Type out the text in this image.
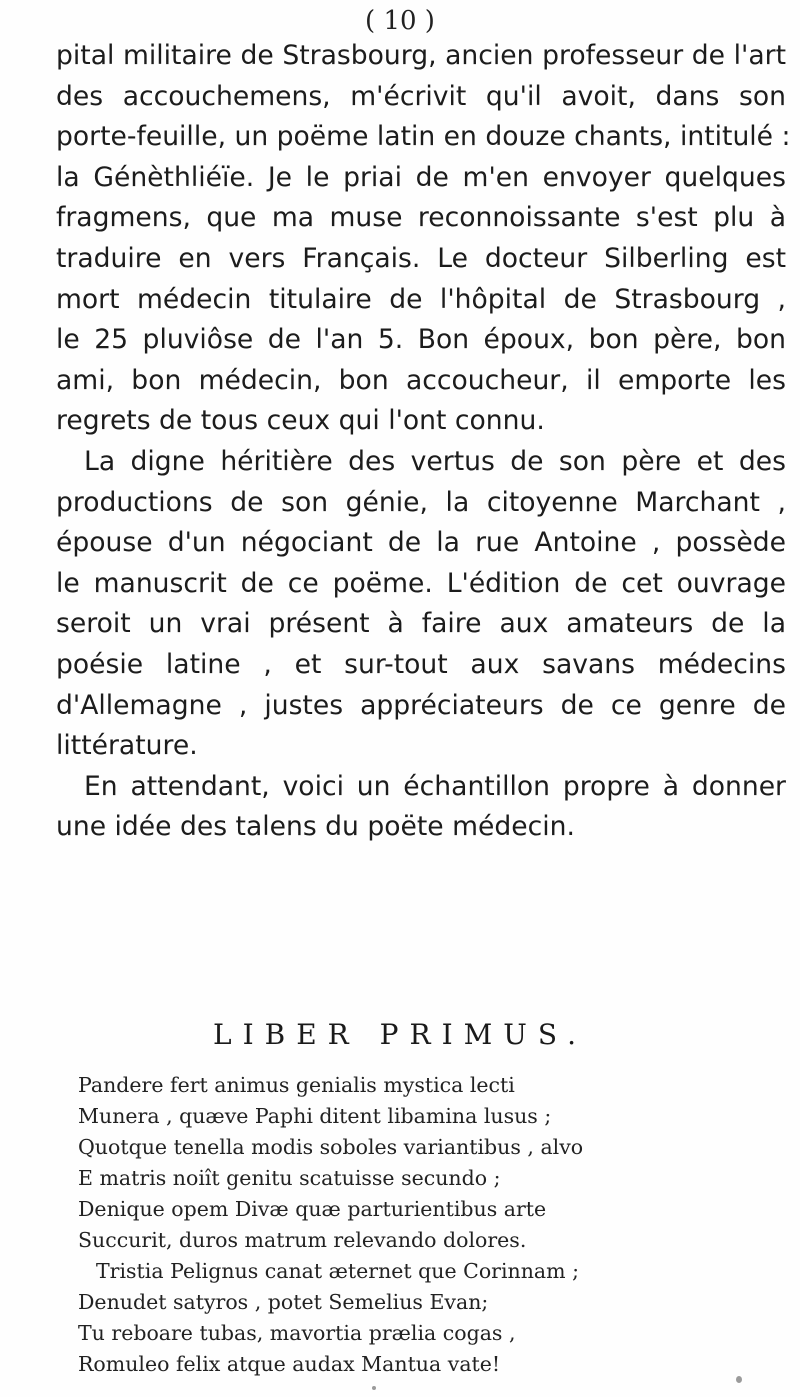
( 10 )
pital militaire de Strasbourg, ancien professeur de l'art
des accouchemens, m'écrivit qu'il avoit, dans son
porte-feuille, un poëme latin en douze chants, intitulé :
la Génèthliéïe. Je le priai de m'en envoyer quelques
fragmens, que ma muse reconnoissante s'est plu à
traduire en vers Français. Le docteur Silberling est
mort médecin titulaire de l'hôpital de Strasbourg ,
le 25 pluviôse de l'an 5. Bon époux, bon père, bon
ami, bon médecin, bon accoucheur, il emporte les
regrets de tous ceux qui l'ont connu.
La digne héritière des vertus de son père et des
productions de son génie, la citoyenne Marchant ,
épouse d'un négociant de la rue Antoine , possède
le manuscrit de ce poëme. L'édition de cet ouvrage
seroit un vrai présent à faire aux amateurs de la
poésie latine , et sur-tout aux savans médecins
d'Allemagne , justes appréciateurs de ce genre de
littérature.
En attendant, voici un échantillon propre à donner
une idée des talens du poëte médecin.
LIBER PRIMUS.
Pandere fert animus genialis mystica lecti
Munera , quæve Paphi ditent libamina lusus ;
Quotque tenella modis soboles variantibus , alvo
E matris noiît genitu scatuisse secundo ;
Denique opem Divæ quæ parturientibus arte
Succurit, duros matrum relevando dolores.
Tristia Pelignus canat æternet que Corinnam ;
Denudet satyros , potet Semelius Evan;
Tu reboare tubas, mavortia prælia cogas ,
Romuleo felix atque audax Mantua vate!
